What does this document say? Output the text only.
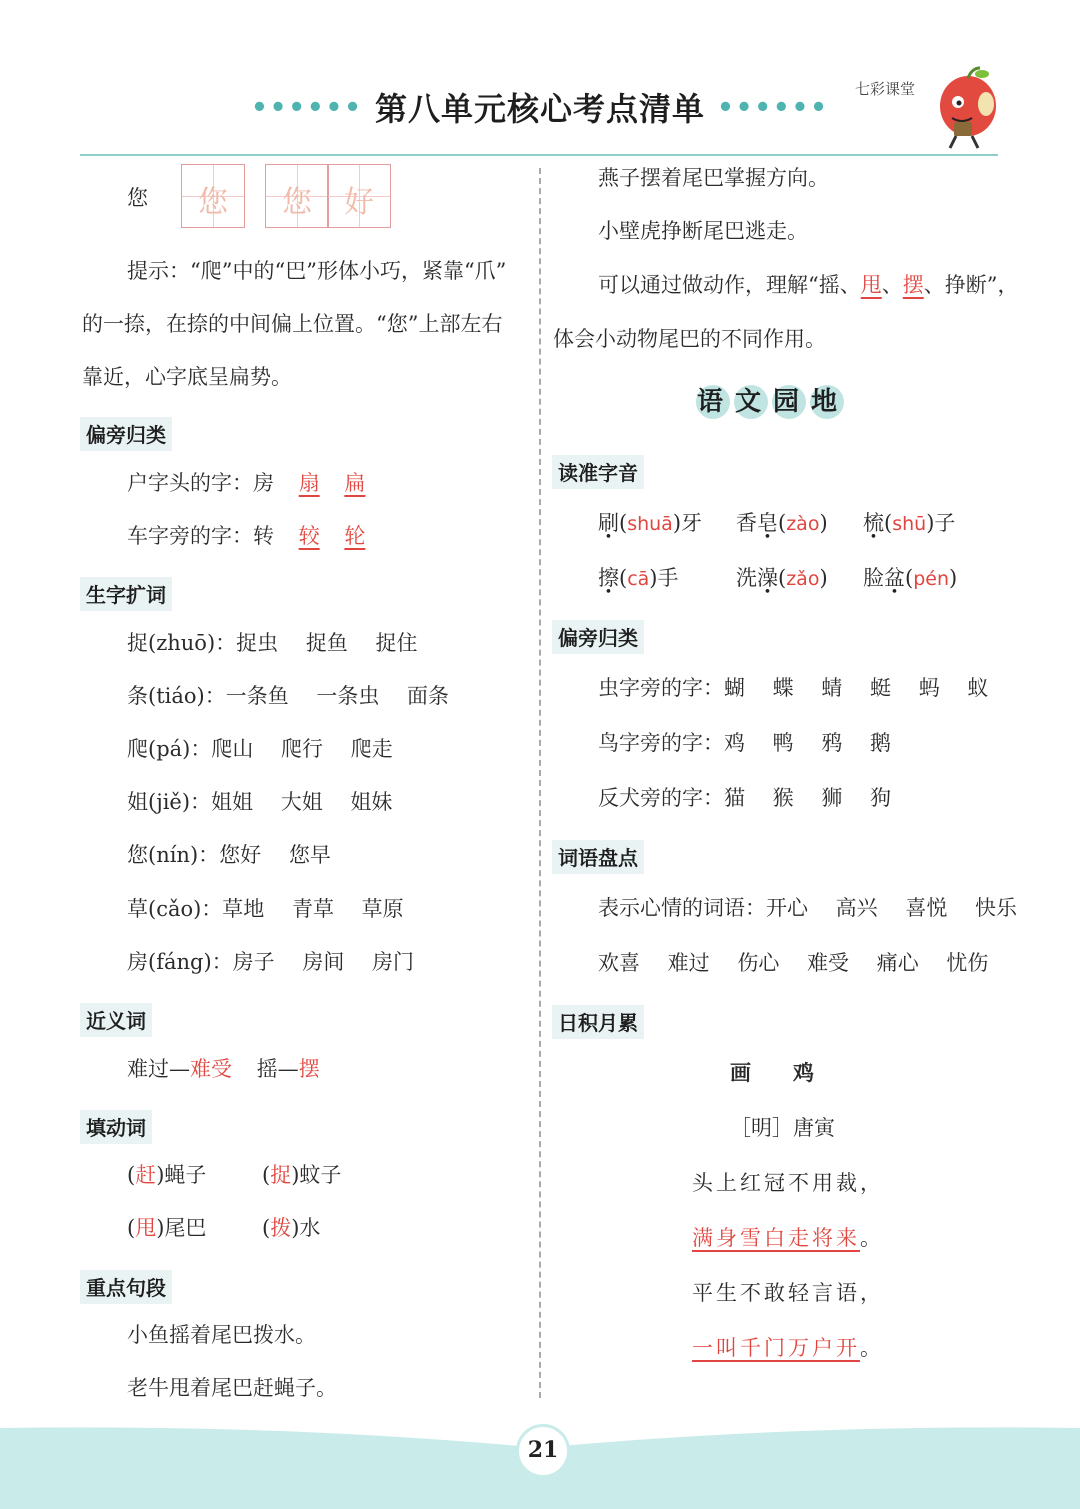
•••••• 第八单元核心考点清单 ••••••
七彩课堂
您	您	您	好
提示：“爬”中的“巴”形体小巧，紧靠“爪”
的一捺，在捺的中间偏上位置。“您”上部左右
靠近，心字底呈扁势。
偏旁归类
户字头的字：房 扇 扁
车字旁的字：转 较 轮
生字扩词
捉(zhuō)：捉虫　 捉鱼　 捉住
条(tiáo)：一条鱼　 一条虫　 面条
爬(pá)：爬山　 爬行　 爬走
姐(jiě)：姐姐　 大姐　 姐妹
您(nín)：您好　 您早
草(cǎo)：草地　 青草　 草原
房(fáng)：房子　 房间　 房门
近义词
难过—难受 摇—摆
填动词
(赶)蝇子	(捉)蚊子
(甩)尾巴	(拨)水
重点句段
小鱼摇着尾巴拨水。
老牛甩着尾巴赶蝇子。
燕子摆着尾巴掌握方向。
小壁虎挣断尾巴逃走。
可以通过做动作，理解“摇、甩、摆、挣断”，
体会小动物尾巴的不同作用。
语 文 园 地
读准字音
刷(shuā)牙 香皂(zào) 梳(shū)子
擦(cā)手	洗澡(zǎo) 脸盆(pén)
偏旁归类
虫字旁的字：蝴　 蝶　 蜻　 蜓　 蚂　 蚁
鸟字旁的字：鸡　 鸭　 鸦　 鹅
反犬旁的字：猫　 猴　 狮　 狗
词语盘点
表示心情的词语：开心　 高兴　 喜悦　 快乐
欢喜　 难过　 伤心　 难受　 痛心　 忧伤
日积月累
画　　鸡
［明］唐寅
头上红冠不用裁，
满身雪白走将来。
平生不敢轻言语，
一叫千门万户开。
21
